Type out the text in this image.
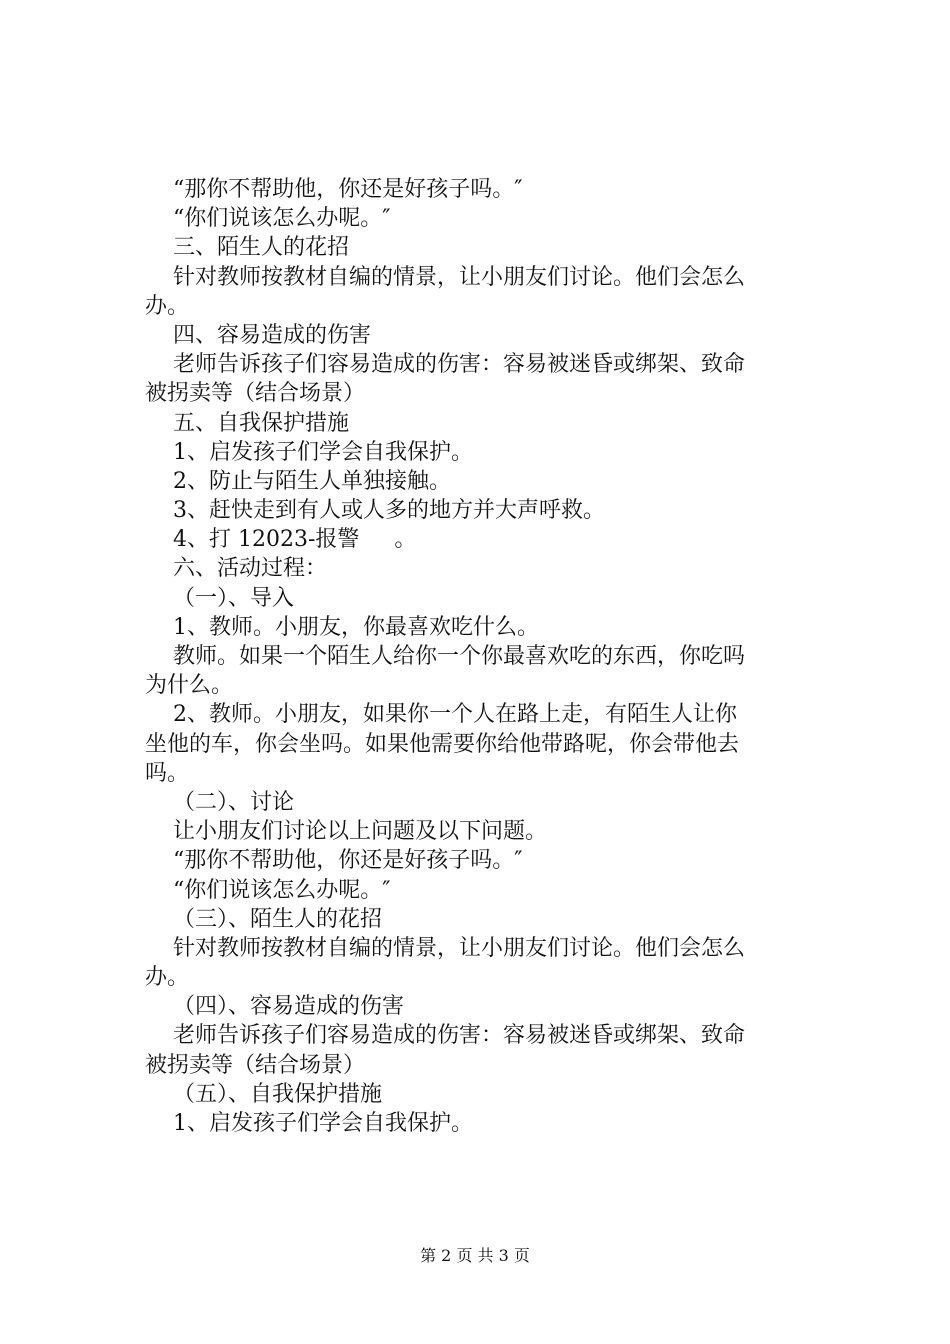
“那你不帮助他，你还是好孩子吗。″
“你们说该怎么办呢。″
三、陌生人的花招
针对教师按教材自编的情景，让小朋友们讨论。他们会怎么
办。
四、容易造成的伤害
老师告诉孩子们容易造成的伤害：容易被迷昏或绑架、致命
被拐卖等（结合场景）
五、自我保护措施
1、启发孩子们学会自我保护。
2、防止与陌生人单独接触。
3、赶快走到有人或人多的地方并大声呼救。
4、打 12023-报警     。
六、活动过程：
（一）、导入
1、教师。小朋友，你最喜欢吃什么。
教师。如果一个陌生人给你一个你最喜欢吃的东西，你吃吗
为什么。
2、教师。小朋友，如果你一个人在路上走，有陌生人让你
坐他的车，你会坐吗。如果他需要你给他带路呢，你会带他去
吗。
（二）、讨论
让小朋友们讨论以上问题及以下问题。
“那你不帮助他，你还是好孩子吗。″
“你们说该怎么办呢。″
（三）、陌生人的花招
针对教师按教材自编的情景，让小朋友们讨论。他们会怎么
办。
（四）、容易造成的伤害
老师告诉孩子们容易造成的伤害：容易被迷昏或绑架、致命
被拐卖等（结合场景）
（五）、自我保护措施
1、启发孩子们学会自我保护。
第 2 页 共 3 页
